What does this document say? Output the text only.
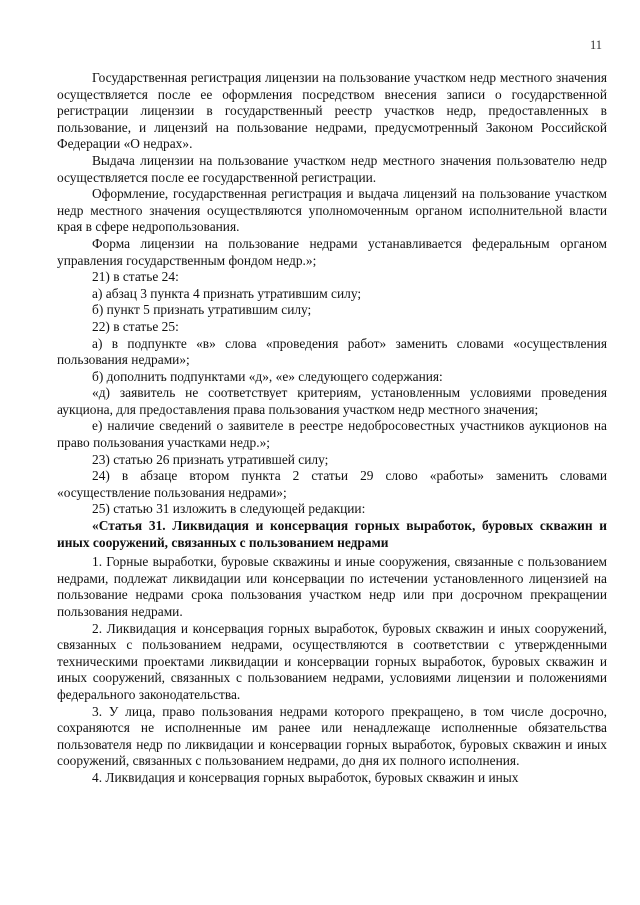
11

Государственная регистрация лицензии на пользование участком недр местного значения осуществляется после ее оформления посредством внесения записи о государственной регистрации лицензии в государственный реестр участков недр, предоставленных в пользование, и лицензий на пользование недрами, предусмотренный Законом Российской Федерации «О недрах».

Выдача лицензии на пользование участком недр местного значения пользователю недр осуществляется после ее государственной регистрации.

Оформление, государственная регистрация и выдача лицензий на пользование участком недр местного значения осуществляются уполномоченным органом исполнительной власти края в сфере недропользования.

Форма лицензии на пользование недрами устанавливается федеральным органом управления государственным фондом недр.»;

21) в статье 24:

а) абзац 3 пункта 4 признать утратившим силу;

б) пункт 5 признать утратившим силу;

22) в статье 25:

а) в подпункте «в» слова «проведения работ» заменить словами «осуществления пользования недрами»;

б) дополнить подпунктами «д», «е» следующего содержания:

«д) заявитель не соответствует критериям, установленным условиями проведения аукциона, для предоставления права пользования участком недр местного значения;

е) наличие сведений о заявителе в реестре недобросовестных участников аукционов на право пользования участками недр.»;

23) статью 26 признать утратившей силу;

24) в абзаце втором пункта 2 статьи 29 слово «работы» заменить словами «осуществление пользования недрами»;

25) статью 31 изложить в следующей редакции:

«Статья 31. Ликвидация и консервация горных выработок, буровых скважин и иных сооружений, связанных с пользованием недрами

1. Горные выработки, буровые скважины и иные сооружения, связанные с пользованием недрами, подлежат ликвидации или консервации по истечении установленного лицензией на пользование недрами срока пользования участком недр или при досрочном прекращении пользования недрами.

2. Ликвидация и консервация горных выработок, буровых скважин и иных сооружений, связанных с пользованием недрами, осуществляются в соответствии с утвержденными техническими проектами ликвидации и консервации горных выработок, буровых скважин и иных сооружений, связанных с пользованием недрами, условиями лицензии и положениями федерального законодательства.

3. У лица, право пользования недрами которого прекращено, в том числе досрочно, сохраняются не исполненные им ранее или ненадлежаще исполненные обязательства пользователя недр по ликвидации и консервации горных выработок, буровых скважин и иных сооружений, связанных с пользованием недрами, до дня их полного исполнения.

4. Ликвидация и консервация горных выработок, буровых скважин и иных
